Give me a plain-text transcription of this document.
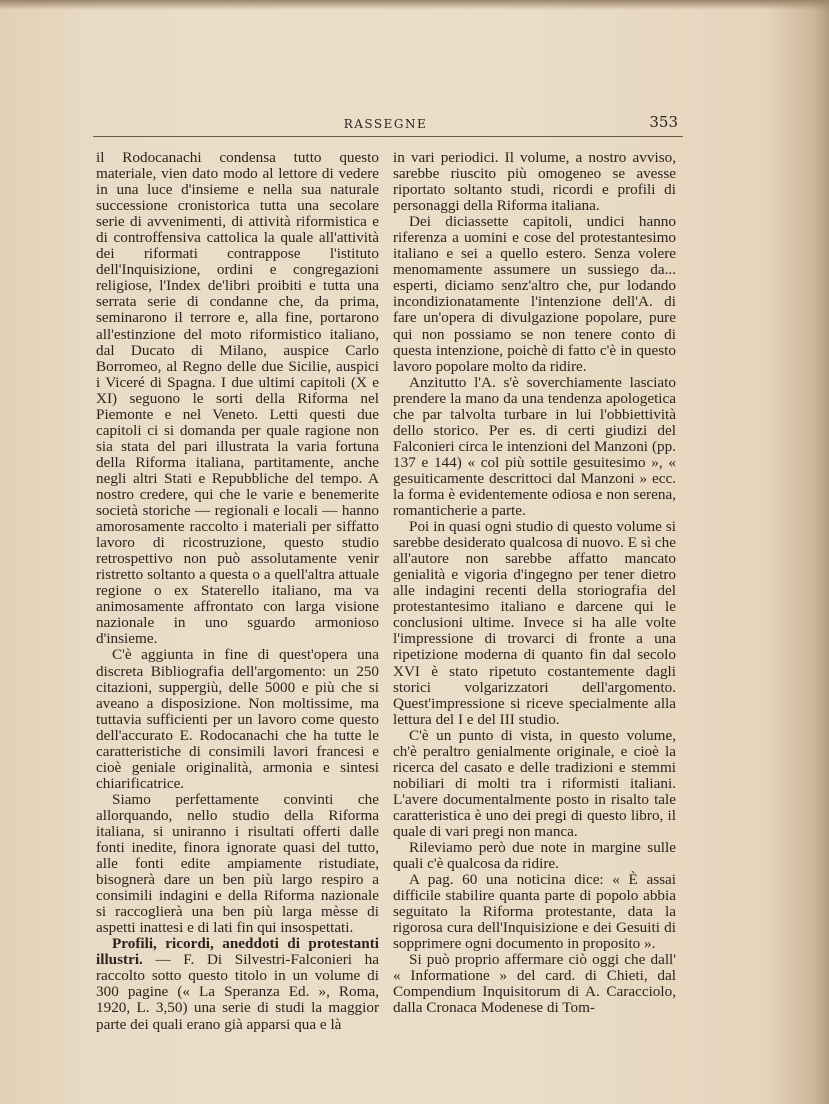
RASSEGNE	353

il Rodocanachi condensa tutto questo materiale, vien dato modo al lettore di vedere in una luce d'insieme e nella sua naturale successione cronistorica tutta una secolare serie di avvenimenti, di attività riformistica e di controffensiva cattolica la quale all'attività dei riformati contrappose l'istituto dell'Inquisizione, ordini e congregazioni religiose, l'Index de'libri proibiti e tutta una serrata serie di condanne che, da prima, seminarono il terrore e, alla fine, portarono all'estinzione del moto riformistico italiano, dal Ducato di Milano, auspice Carlo Borromeo, al Regno delle due Sicilie, auspici i Viceré di Spagna. I due ultimi capitoli (X e XI) seguono le sorti della Riforma nel Piemonte e nel Veneto. Letti questi due capitoli ci si domanda per quale ragione non sia stata del pari illustrata la varia fortuna della Riforma italiana, partitamente, anche negli altri Stati e Repubbliche del tempo. A nostro credere, qui che le varie e benemerite società storiche — regionali e locali — hanno amorosamente raccolto i materiali per siffatto lavoro di ricostruzione, questo studio retrospettivo non può assolutamente venir ristretto soltanto a questa o a quell'altra attuale regione o ex Staterello italiano, ma va animosamente affrontato con larga visione nazionale in uno sguardo armonioso d'insieme.

C'è aggiunta in fine di quest'opera una discreta Bibliografia dell'argomento: un 250 citazioni, suppergiù, delle 5000 e più che si aveano a disposizione. Non moltissime, ma tuttavia sufficienti per un lavoro come questo dell'accurato E. Rodocanachi che ha tutte le caratteristiche di consimili lavori francesi e cioè geniale originalità, armonia e sintesi chiarificatrice.

Siamo perfettamente convinti che allorquando, nello studio della Riforma italiana, si uniranno i risultati offerti dalle fonti inedite, finora ignorate quasi del tutto, alle fonti edite ampiamente ristudiate, bisognerà dare un ben più largo respiro a consimili indagini e della Riforma nazionale si raccoglierà una ben più larga mèsse di aspetti inattesi e di lati fin qui insospettati.

Profili, ricordi, aneddoti di protestanti illustri. — F. Di Silvestri-Falconieri ha raccolto sotto questo titolo in un volume di 300 pagine (« La Speranza Ed. », Roma, 1920, L. 3,50) una serie di studi la maggior parte dei quali erano già apparsi qua e là

in vari periodici. Il volume, a nostro avviso, sarebbe riuscito più omogeneo se avesse riportato soltanto studi, ricordi e profili di personaggi della Riforma italiana.

Dei diciassette capitoli, undici hanno riferenza a uomini e cose del protestantesimo italiano e sei a quello estero. Senza volere menomamente assumere un sussiego da... esperti, diciamo senz'altro che, pur lodando incondizionatamente l'intenzione dell'A. di fare un'opera di divulgazione popolare, pure qui non possiamo se non tenere conto di questa intenzione, poichè di fatto c'è in questo lavoro popolare molto da ridire.

Anzitutto l'A. s'è soverchiamente lasciato prendere la mano da una tendenza apologetica che par talvolta turbare in lui l'obbiettività dello storico. Per es. di certi giudizi del Falconieri circa le intenzioni del Manzoni (pp. 137 e 144) « col più sottile gesuitesimo », « gesuiticamente descrittoci dal Manzoni » ecc. la forma è evidentemente odiosa e non serena, romanticherie a parte.

Poi in quasi ogni studio di questo volume si sarebbe desiderato qualcosa di nuovo. E sì che all'autore non sarebbe affatto mancato genialità e vigoria d'ingegno per tener dietro alle indagini recenti della storiografia del protestantesimo italiano e darcene qui le conclusioni ultime. Invece si ha alle volte l'impressione di trovarci di fronte a una ripetizione moderna di quanto fin dal secolo XVI è stato ripetuto costantemente dagli storici volgarizzatori dell'argomento. Quest'impressione si riceve specialmente alla lettura del I e del III studio.

C'è un punto di vista, in questo volume, ch'è peraltro genialmente originale, e cioè la ricerca del casato e delle tradizioni e stemmi nobiliari di molti tra i riformisti italiani. L'avere documentalmente posto in risalto tale caratteristica è uno dei pregi di questo libro, il quale di vari pregi non manca.

Rileviamo però due note in margine sulle quali c'è qualcosa da ridire.

A pag. 60 una noticina dice: « È assai difficile stabilire quanta parte di popolo abbia seguitato la Riforma protestante, data la rigorosa cura dell'Inquisizione e dei Gesuiti di sopprimere ogni documento in proposito ».

Si può proprio affermare ciò oggi che dall' « Informatione » del card. di Chieti, dal Compendium Inquisitorum di A. Caracciolo, dalla Cronaca Modenese di Tom-
